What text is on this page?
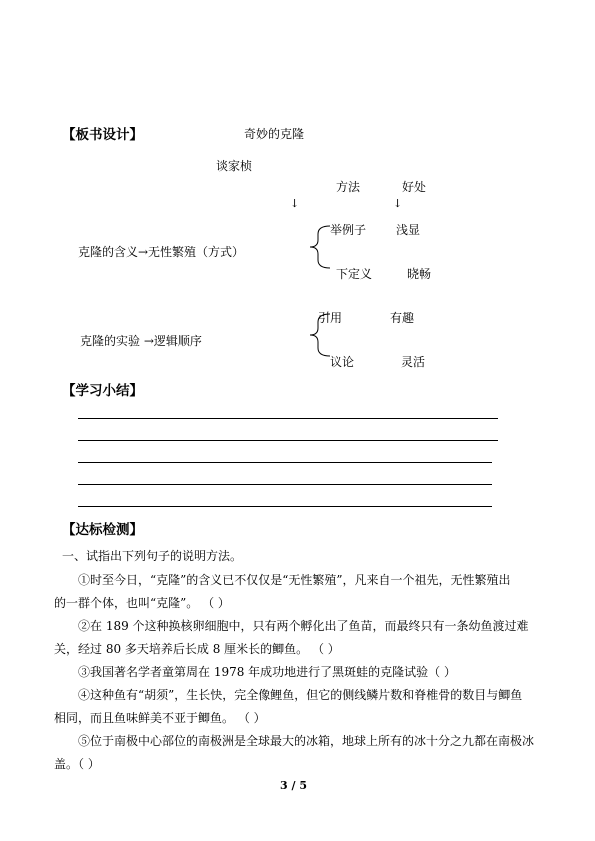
【板书设计】	奇妙的克隆
谈家桢
方法	好处
↓	↓
克隆的含义→无性繁殖（方式）
举例子 浅显
下定义	晓畅
克隆的实验 →逻辑顺序
引用	有趣
议论	灵活
【学习小结】
【达标检测】
一、试指出下列句子的说明方法。
①时至今日，“克隆”的含义已不仅仅是“无性繁殖”，凡来自一个祖先，无性繁殖出
的一群个体，也叫“克隆”。 （ ）
②在 189 个这种换核卵细胞中，只有两个孵化出了鱼苗，而最终只有一条幼鱼渡过难
关，经过 80 多天培养后长成 8 厘米长的鲫鱼。 （ ）
③我国著名学者童第周在 1978 年成功地进行了黑斑蛙的克隆试验（ ）
④这种鱼有“胡须”，生长快，完全像鲤鱼，但它的侧线鳞片数和脊椎骨的数目与鲫鱼
相同，而且鱼味鲜美不亚于鲫鱼。 （ ）
⑤位于南极中心部位的南极洲是全球最大的冰箱，地球上所有的冰十分之九都在南极冰
盖。（ ）
3 / 5
